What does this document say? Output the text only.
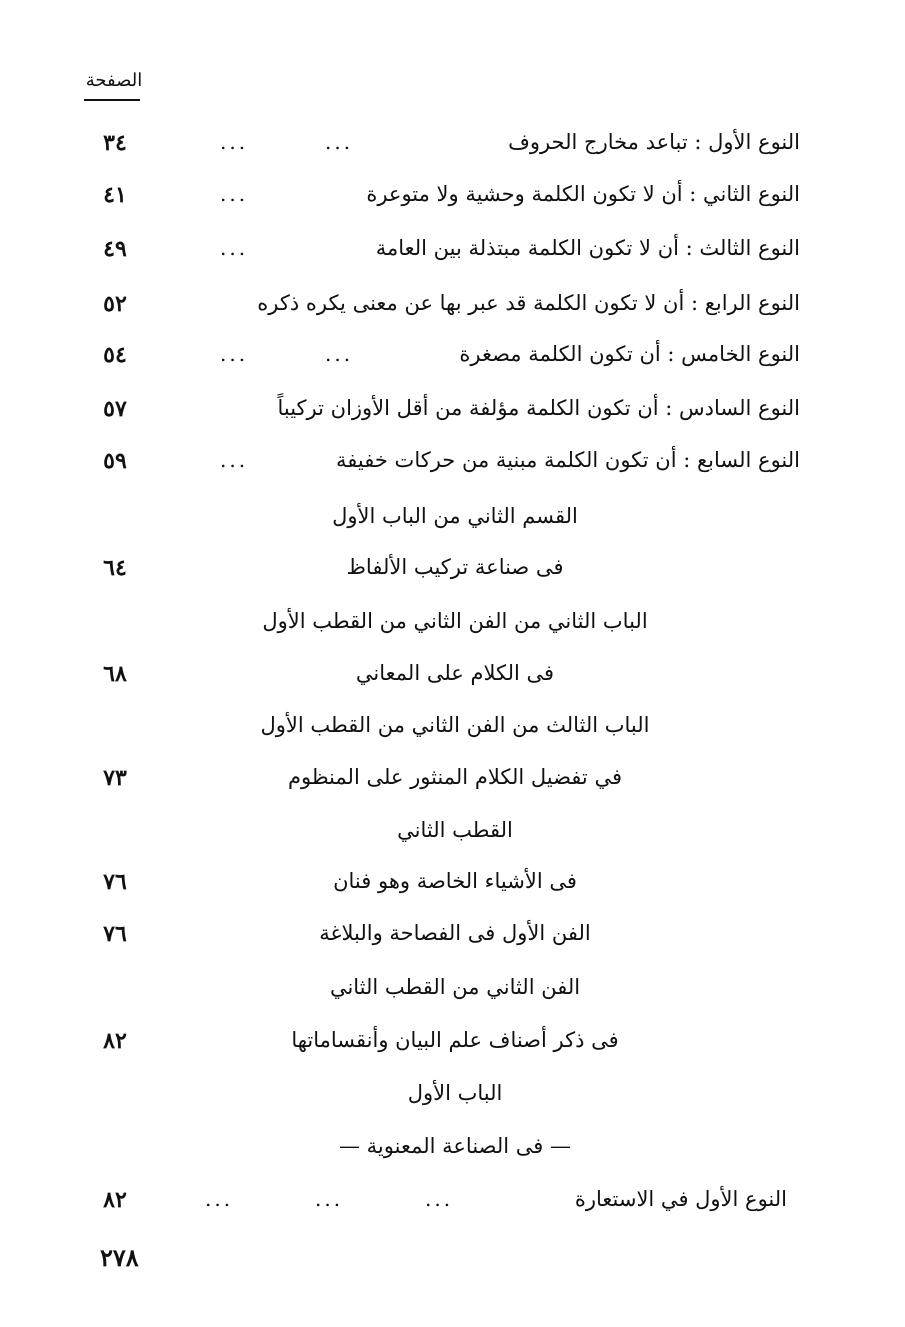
الصفحة
٣٤	...	...	النوع الأول : تباعد مخارج الحروف
٤١	...	النوع الثاني : أن لا تكون الكلمة وحشية ولا متوعرة
٤٩	...	النوع الثالث : أن لا تكون الكلمة مبتذلة بين العامة
٥٢	النوع الرابع : أن لا تكون الكلمة قد عبر بها عن معنى يكره ذكره
٥٤	...	...	النوع الخامس : أن تكون الكلمة مصغرة
٥٧	النوع السادس : أن تكون الكلمة مؤلفة من أقل الأوزان تركيباً
٥٩	...	النوع السابع : أن تكون الكلمة مبنية من حركات خفيفة
القسم الثاني من الباب الأول
٦٤	فى صناعة تركيب الألفاظ
الباب الثاني من الفن الثاني من القطب الأول
٦٨	فى الكلام على المعاني
الباب الثالث من الفن الثاني من القطب الأول
٧٣	في تفضيل الكلام المنثور على المنظوم
القطب الثاني
٧٦	فى الأشياء الخاصة وهو فنان
٧٦	الفن الأول فى الفصاحة والبلاغة
الفن الثاني من القطب الثاني
٨٢	فى ذكر أصناف علم البيان وأنقساماتها
الباب الأول
— فى الصناعة المعنوية —
٨٢	...	...	...	النوع الأول في الاستعارة
٢٧٨
